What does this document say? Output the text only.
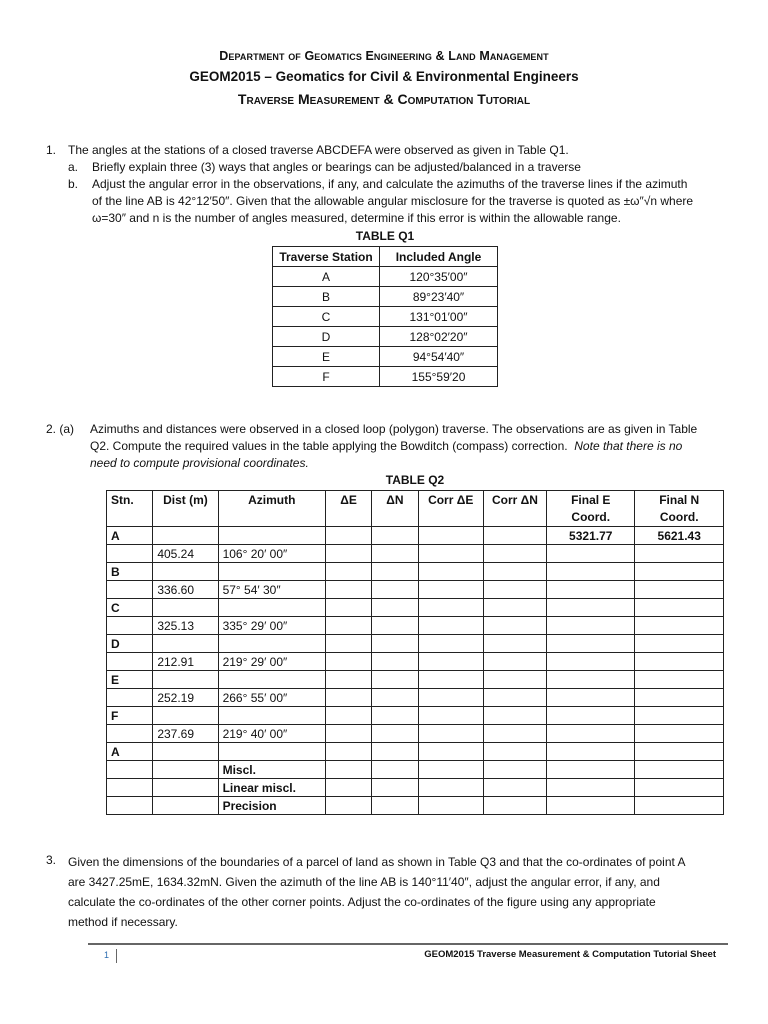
Department of Geomatics Engineering & Land Management
GEOM2015 – Geomatics for Civil & Environmental Engineers
Traverse Measurement & Computation Tutorial
1. The angles at the stations of a closed traverse ABCDEFA were observed as given in Table Q1.
a. Briefly explain three (3) ways that angles or bearings can be adjusted/balanced in a traverse
b. Adjust the angular error in the observations, if any, and calculate the azimuths of the traverse lines if the azimuth
of the line AB is 42°12′50″. Given that the allowable angular misclosure for the traverse is quoted as ±ω″√n where
ω=30″ and n is the number of angles measured, determine if this error is within the allowable range.
TABLE Q1
Traverse Station	Included Angle
A	120°35′00″
B	89°23′40″
C	131°01′00″
D	128°02′20″
E	94°54′40″
F	155°59′20
2. (a) Azimuths and distances were observed in a closed loop (polygon) traverse. The observations are as given in Table
Q2. Compute the required values in the table applying the Bowditch (compass) correction. Note that there is no
need to compute provisional coordinates.
TABLE Q2
Stn.	Dist (m)	Azimuth	ΔE	ΔN	Corr ΔE	Corr ΔN	Final E Coord.	Final N Coord.
A							5321.77	5621.43
	405.24	106° 20′ 00″						
B								
	336.60	57° 54′ 30″						
C								
	325.13	335° 29′ 00″						
D								
	212.91	219° 29′ 00″						
E								
	252.19	266° 55′ 00″						
F								
	237.69	219° 40′ 00″						
A								
		Miscl.						
		Linear miscl.						
		Precision						
3. Given the dimensions of the boundaries of a parcel of land as shown in Table Q3 and that the co-ordinates of point A
are 3427.25mE, 1634.32mN. Given the azimuth of the line AB is 140°11′40″, adjust the angular error, if any, and
calculate the co-ordinates of the other corner points. Adjust the co-ordinates of the figure using any appropriate
method if necessary.
1	GEOM2015 Traverse Measurement & Computation Tutorial Sheet
